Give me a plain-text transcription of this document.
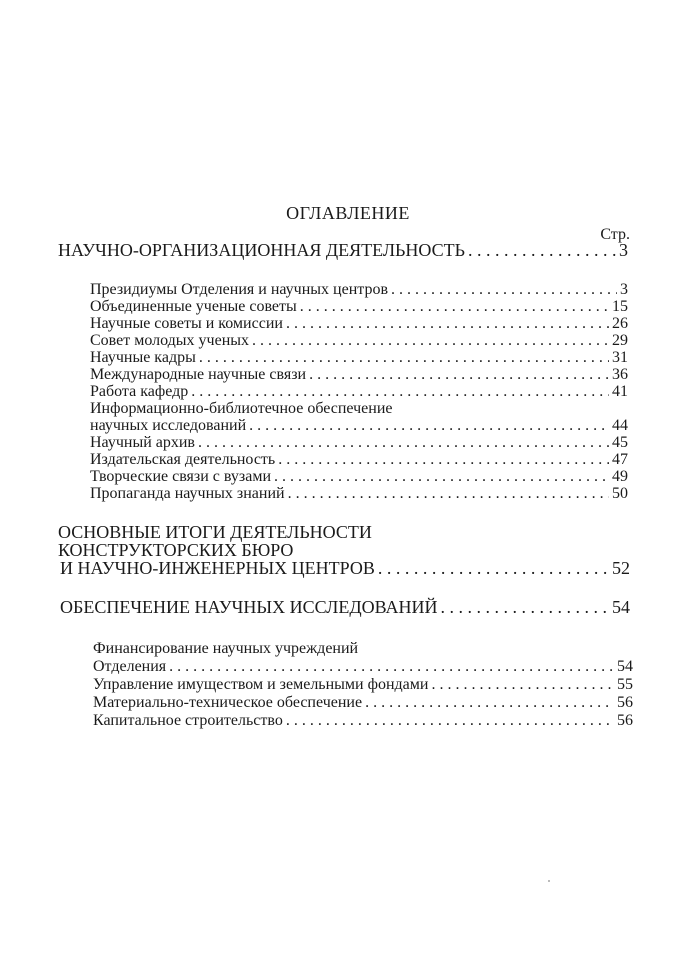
ОГЛАВЛЕНИЕ
Стр.
НАУЧНО-ОРГАНИЗАЦИОННАЯ ДЕЯТЕЛЬНОСТЬ . . .	3
Президиумы Отделения и научных центров . . .	3
Объединенные ученые советы . . .	15
Научные советы и комиссии . . .	26
Совет молодых ученых . . .	29
Научные кадры . . .	31
Международные научные связи . . .	36
Работа кафедр . . .	41
Информационно-библиотечное обеспечение
научных исследований . . .	44
Научный архив . . .	45
Издательская деятельность . . .	47
Творческие связи с вузами . . .	49
Пропаганда научных знаний . . .	50
ОСНОВНЫЕ ИТОГИ ДЕЯТЕЛЬНОСТИ
КОНСТРУКТОРСКИХ БЮРО
И НАУЧНО-ИНЖЕНЕРНЫХ ЦЕНТРОВ . . .	52
ОБЕСПЕЧЕНИЕ НАУЧНЫХ ИССЛЕДОВАНИЙ . . .	54
Финансирование научных учреждений
Отделения . . .	54
Управление имуществом и земельными фондами . . .	55
Материально-техническое обеспечение . . .	56
Капитальное строительство . . .	56
